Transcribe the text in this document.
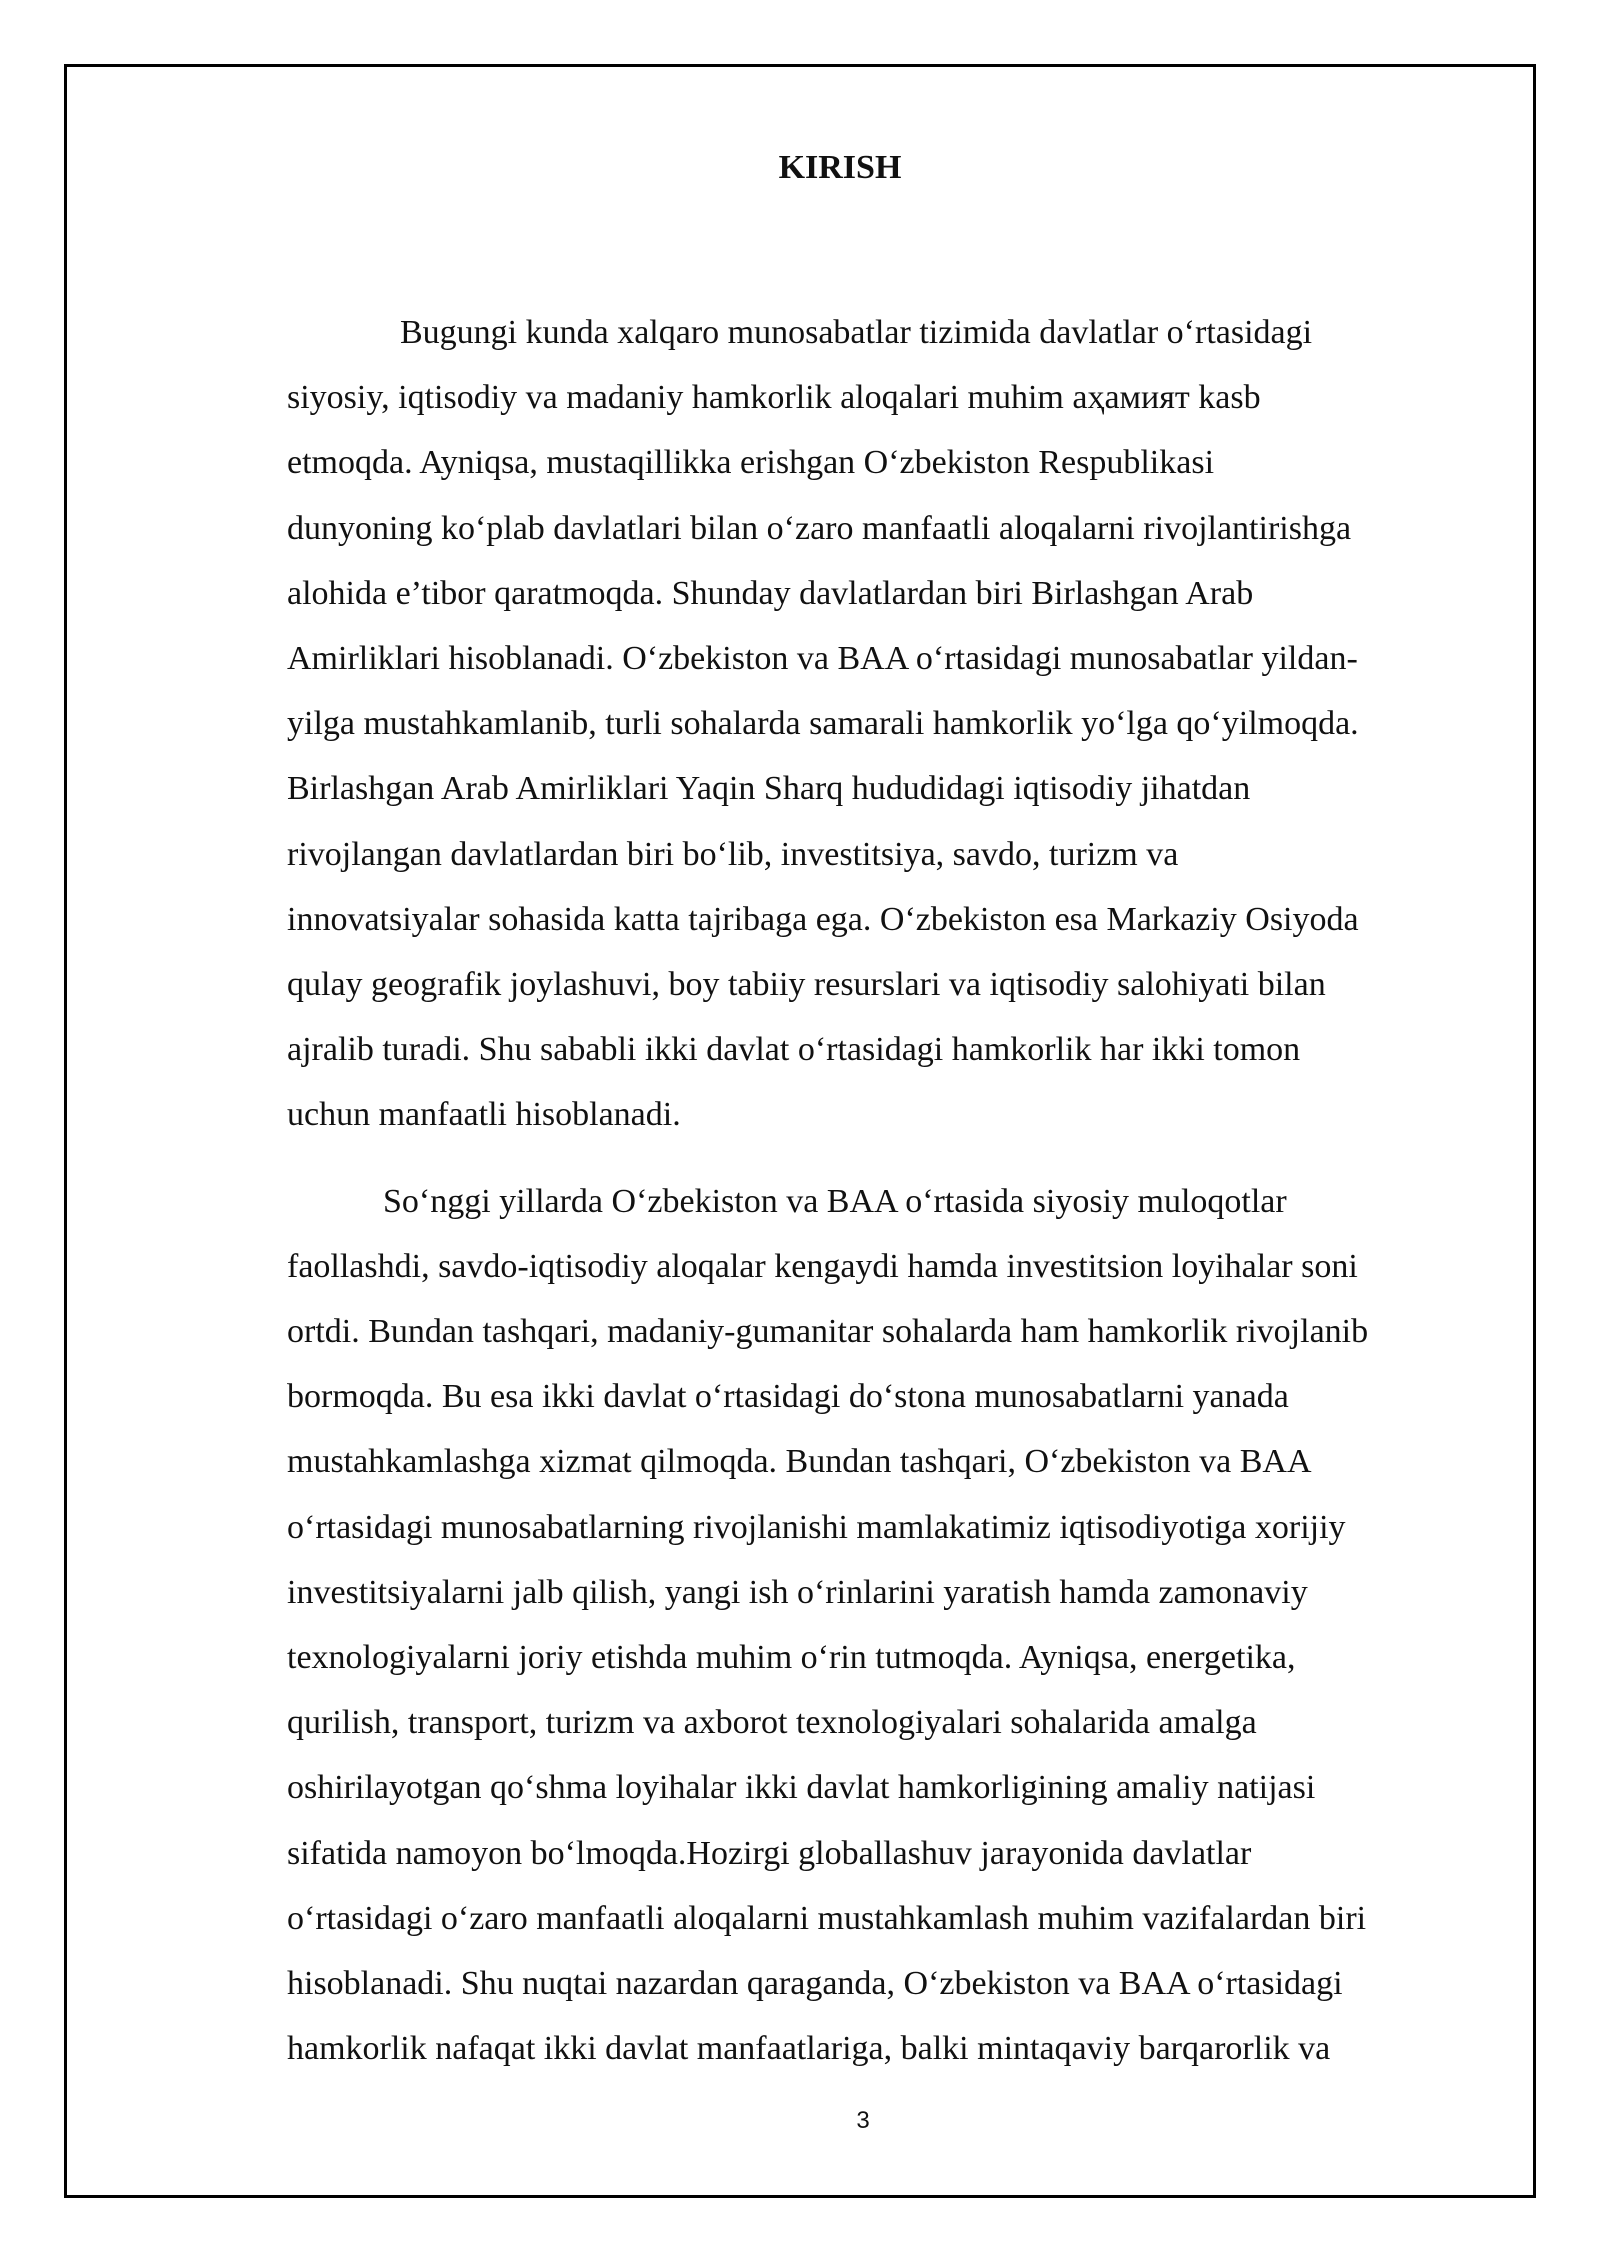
KIRISH

Bugungi kunda xalqaro munosabatlar tizimida davlatlar oʻrtasidagi
siyosiy, iqtisodiy va madaniy hamkorlik aloqalari muhim aҳамият kasb
etmoqda. Ayniqsa, mustaqillikka erishgan Oʻzbekiston Respublikasi
dunyoning koʻplab davlatlari bilan oʻzaro manfaatli aloqalarni rivojlantirishga
alohida e’tibor qaratmoqda. Shunday davlatlardan biri Birlashgan Arab
Amirliklari hisoblanadi. Oʻzbekiston va BAA oʻrtasidagi munosabatlar yildan-
yilga mustahkamlanib, turli sohalarda samarali hamkorlik yoʻlga qoʻyilmoqda.
Birlashgan Arab Amirliklari Yaqin Sharq hududidagi iqtisodiy jihatdan
rivojlangan davlatlardan biri boʻlib, investitsiya, savdo, turizm va
innovatsiyalar sohasida katta tajribaga ega. Oʻzbekiston esa Markaziy Osiyoda
qulay geografik joylashuvi, boy tabiiy resurslari va iqtisodiy salohiyati bilan
ajralib turadi. Shu sababli ikki davlat oʻrtasidagi hamkorlik har ikki tomon
uchun manfaatli hisoblanadi.

Soʻnggi yillarda Oʻzbekiston va BAA oʻrtasida siyosiy muloqotlar
faollashdi, savdo-iqtisodiy aloqalar kengaydi hamda investitsion loyihalar soni
ortdi. Bundan tashqari, madaniy-gumanitar sohalarda ham hamkorlik rivojlanib
bormoqda. Bu esa ikki davlat oʻrtasidagi doʻstona munosabatlarni yanada
mustahkamlashga xizmat qilmoqda. Bundan tashqari, Oʻzbekiston va BAA
oʻrtasidagi munosabatlarning rivojlanishi mamlakatimiz iqtisodiyotiga xorijiy
investitsiyalarni jalb qilish, yangi ish oʻrinlarini yaratish hamda zamonaviy
texnologiyalarni joriy etishda muhim oʻrin tutmoqda. Ayniqsa, energetika,
qurilish, transport, turizm va axborot texnologiyalari sohalarida amalga
oshirilayotgan qoʻshma loyihalar ikki davlat hamkorligining amaliy natijasi
sifatida namoyon boʻlmoqda.Hozirgi globallashuv jarayonida davlatlar
oʻrtasidagi oʻzaro manfaatli aloqalarni mustahkamlash muhim vazifalardan biri
hisoblanadi. Shu nuqtai nazardan qaraganda, Oʻzbekiston va BAA oʻrtasidagi
hamkorlik nafaqat ikki davlat manfaatlariga, balki mintaqaviy barqarorlik va

3
